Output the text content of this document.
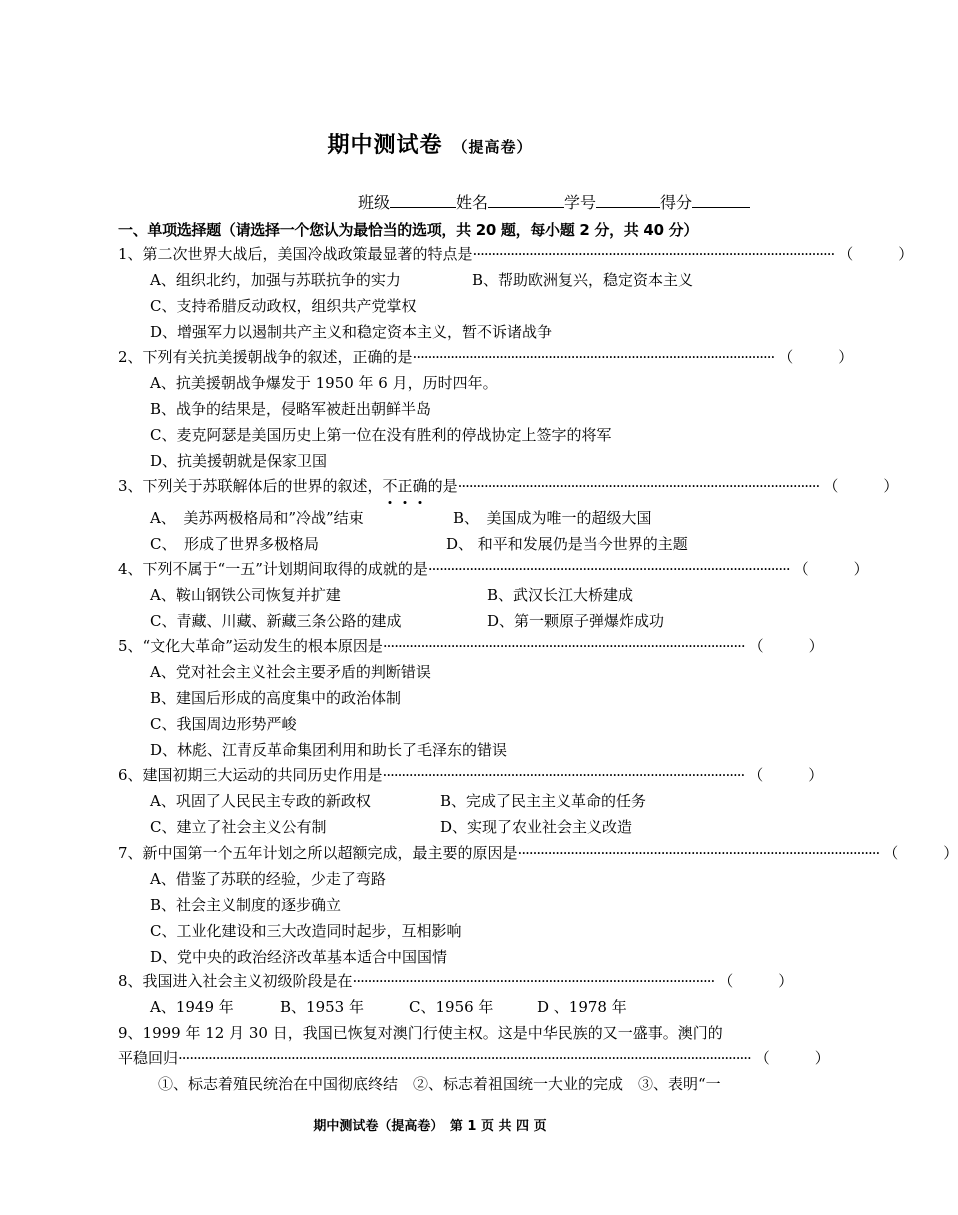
期中测试卷 （提高卷）
班级	姓名	学号	得分
一、单项选择题（请选择一个您认为最恰当的选项，共 20 题，每小题 2 分，共 40 分）
1、第二次世界大战后，美国冷战政策最显著的特点是 ································································································ （　　　）
A、组织北约，加强与苏联抗争的实力	B、帮助欧洲复兴，稳定资本主义
C、支持希腊反动政权，组织共产党掌权
D、增强军力以遏制共产主义和稳定资本主义，暂不诉诸战争
2、下列有关抗美援朝战争的叙述，正确的是 ································································································ （　　　）
A、抗美援朝战争爆发于 1950 年 6 月，历时四年。
B、战争的结果是，侵略军被赶出朝鲜半岛
C、麦克阿瑟是美国历史上第一位在没有胜利的停战协定上签字的将军
D、抗美援朝就是保家卫国
3、下列关于苏联解体后的世界的叙述， 不正确 的是 ································································································ （　　　）
A、　美苏两极格局和”冷战”结束	B、　美国成为唯一的超级大国
C、　形成了世界多极格局	D、 和平和发展仍是当今世界的主题
4、下列不属于“一五”计划期间取得的成就的是 ································································································ （　　　）
A、鞍山钢铁公司恢复并扩建	B、武汉长江大桥建成
C、青藏、川藏、新藏三条公路的建成	D、第一颗原子弹爆炸成功
5、“文化大革命”运动发生的根本原因是 ································································································ （　　　）
A、党对社会主义社会主要矛盾的判断错误
B、建国后形成的高度集中的政治体制
C、我国周边形势严峻
D、林彪、江青反革命集团利用和助长了毛泽东的错误
6、建国初期三大运动的共同历史作用是 ································································································ （　　　）
A、巩固了人民民主专政的新政权	B、完成了民主主义革命的任务
C、建立了社会主义公有制	D、实现了农业社会主义改造
7、新中国第一个五年计划之所以超额完成，最主要的原因是 ································································································ （　　　）
A、借鉴了苏联的经验，少走了弯路
B、社会主义制度的逐步确立
C、工业化建设和三大改造同时起步，互相影响
D、党中央的政治经济改革基本适合中国国情
8、我国进入社会主义初级阶段是在 ································································································ （　　　）
A、1949 年	B、1953 年	C、1956 年	D 、1978 年
9、1999 年 12 月 30 日，我国已恢复对澳门行使主权。这是中华民族的又一盛事。澳门的
平稳回归 ························································································································································ （　　　）
①、标志着殖民统治在中国彻底终结　②、标志着祖国统一大业的完成　③、表明“一
期中测试卷（提高卷）　第 1 页 共 四 页
